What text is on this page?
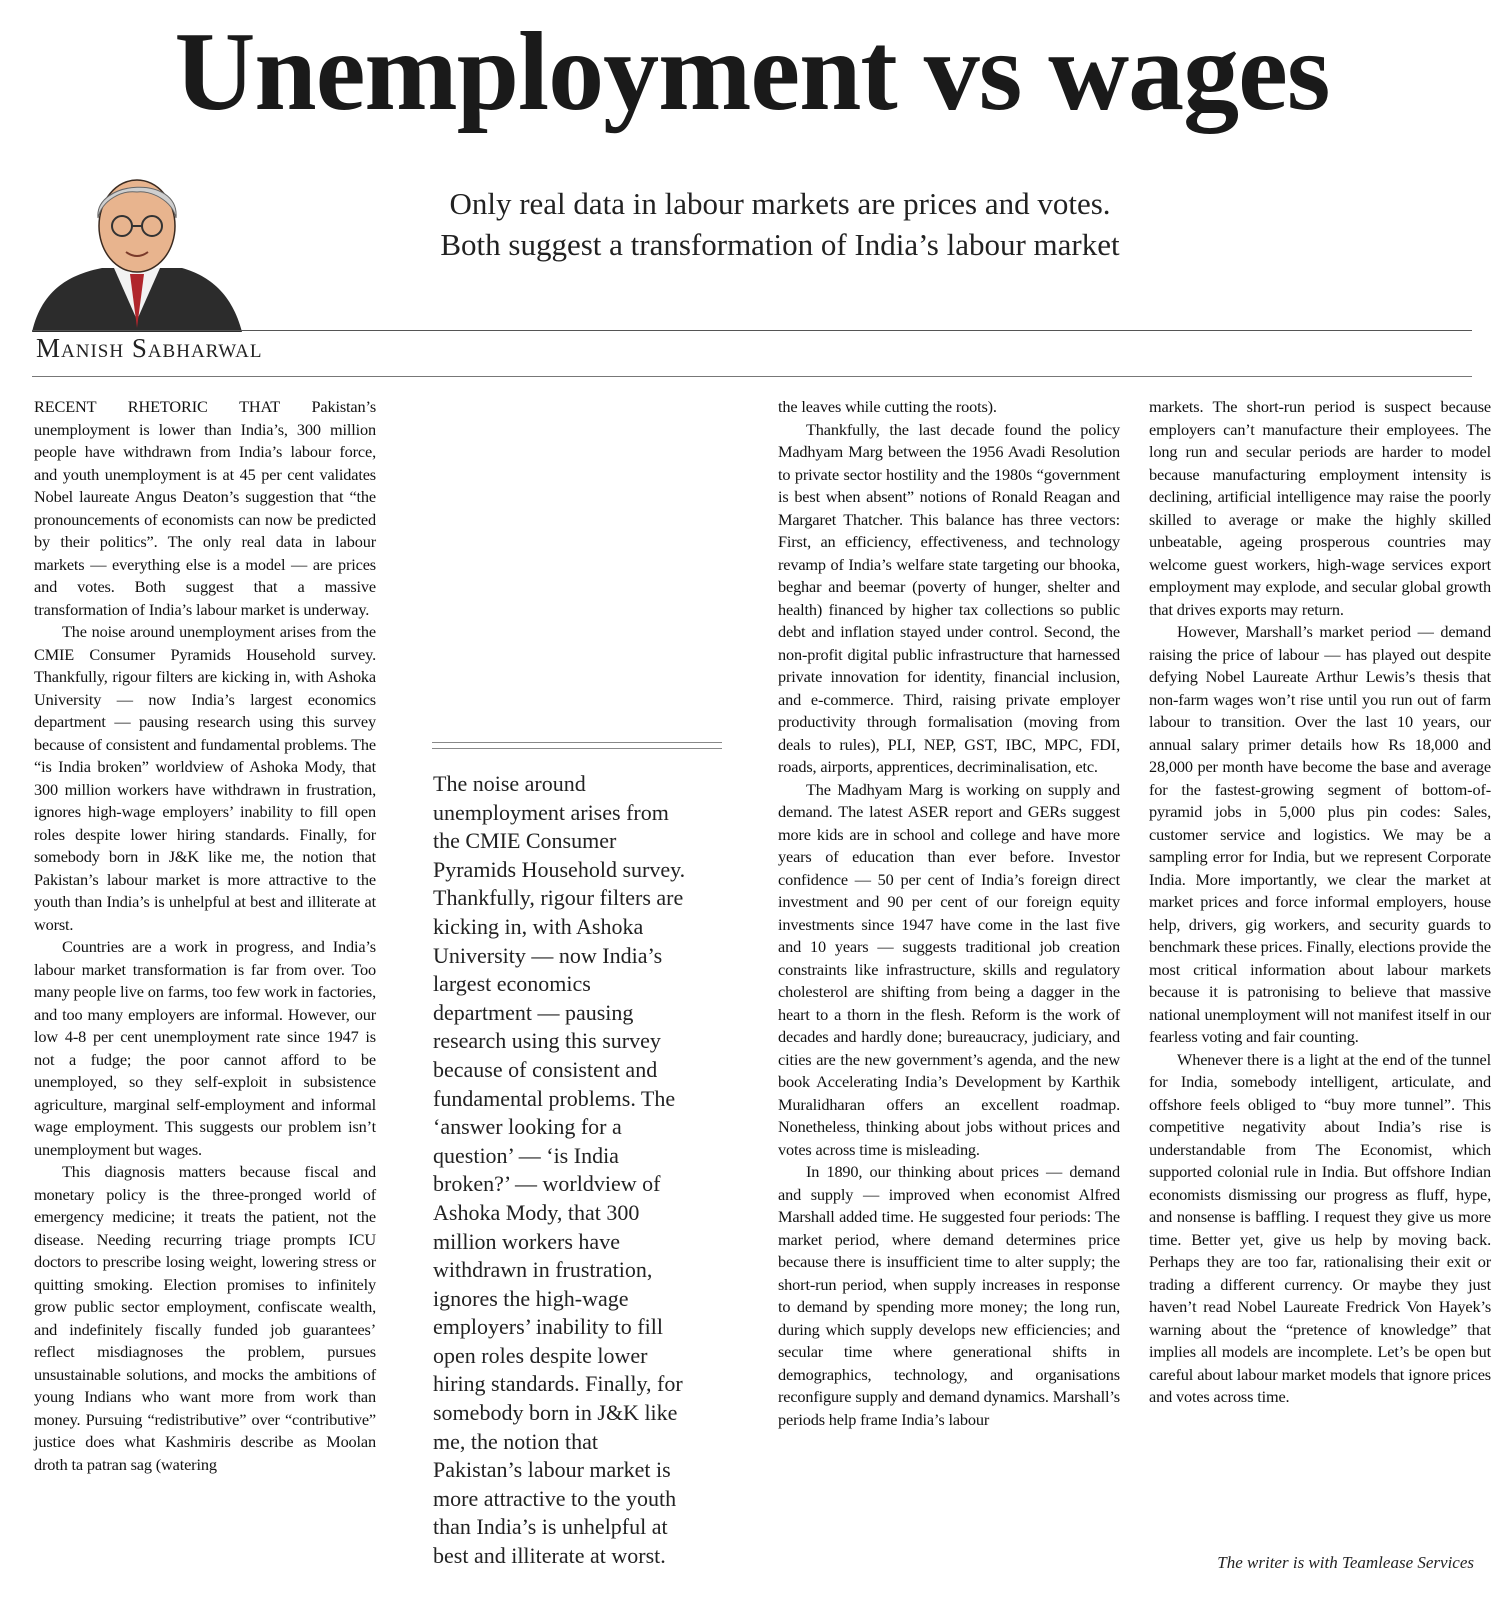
Unemployment vs wages
Only real data in labour markets are prices and votes.
Both suggest a transformation of India’s labour market
Manish Sabharwal

RECENT RHETORIC THAT Pakistan’s unemployment is lower than India’s, 300 million people have withdrawn from India’s labour force, and youth unemployment is at 45 per cent validates Nobel laureate Angus Deaton’s suggestion that “the pronouncements of economists can now be predicted by their politics”. The only real data in labour markets — everything else is a model — are prices and votes. Both suggest that a massive transformation of India’s labour market is underway.

The noise around unemployment arises from the CMIE Consumer Pyramids Household survey. Thankfully, rigour filters are kicking in, with Ashoka University — now India’s largest economics department — pausing research using this survey because of consistent and fundamental problems. The “is India broken” worldview of Ashoka Mody, that 300 million workers have withdrawn in frustration, ignores high-wage employers’ inability to fill open roles despite lower hiring standards. Finally, for somebody born in J&K like me, the notion that Pakistan’s labour market is more attractive to the youth than India’s is unhelpful at best and illiterate at worst.

Countries are a work in progress, and India’s labour market transformation is far from over. Too many people live on farms, too few work in factories, and too many employers are informal. However, our low 4-8 per cent unemployment rate since 1947 is not a fudge; the poor cannot afford to be unemployed, so they self-exploit in subsistence agriculture, marginal self-employment and informal wage employment. This suggests our problem isn’t unemployment but wages.

This diagnosis matters because fiscal and monetary policy is the three-pronged world of emergency medicine; it treats the patient, not the disease. Needing recurring triage prompts ICU doctors to prescribe losing weight, lowering stress or quitting smoking. Election promises to infinitely grow public sector employment, confiscate wealth, and indefinitely fiscally funded job guarantees’ reflect misdiagnoses the problem, pursues unsustainable solutions, and mocks the ambitions of young Indians who want more from work than money. Pursuing “redistributive” over “contributive” justice does what Kashmiris describe as Moolan droth ta patran sag (watering

The noise around
unemployment arises from
the CMIE Consumer
Pyramids Household survey.
Thankfully, rigour filters are
kicking in, with Ashoka
University — now India’s
largest economics
department — pausing
research using this survey
because of consistent and
fundamental problems. The
‘answer looking for a
question’ — ‘is India
broken?’ — worldview of
Ashoka Mody, that 300
million workers have
withdrawn in frustration,
ignores the high-wage
employers’ inability to fill
open roles despite lower
hiring standards. Finally, for
somebody born in J&K like
me, the notion that
Pakistan’s labour market is
more attractive to the youth
than India’s is unhelpful at
best and illiterate at worst.

the leaves while cutting the roots).

Thankfully, the last decade found the policy Madhyam Marg between the 1956 Avadi Resolution to private sector hostility and the 1980s “government is best when absent” notions of Ronald Reagan and Margaret Thatcher. This balance has three vectors: First, an efficiency, effectiveness, and technology revamp of India’s welfare state targeting our bhooka, beghar and beemar (poverty of hunger, shelter and health) financed by higher tax collections so public debt and inflation stayed under control. Second, the non-profit digital public infrastructure that harnessed private innovation for identity, financial inclusion, and e-commerce. Third, raising private employer productivity through formalisation (moving from deals to rules), PLI, NEP, GST, IBC, MPC, FDI, roads, airports, apprentices, decriminalisation, etc.

The Madhyam Marg is working on supply and demand. The latest ASER report and GERs suggest more kids are in school and college and have more years of education than ever before. Investor confidence — 50 per cent of India’s foreign direct investment and 90 per cent of our foreign equity investments since 1947 have come in the last five and 10 years — suggests traditional job creation constraints like infrastructure, skills and regulatory cholesterol are shifting from being a dagger in the heart to a thorn in the flesh. Reform is the work of decades and hardly done; bureaucracy, judiciary, and cities are the new government’s agenda, and the new book Accelerating India’s Development by Karthik Muralidharan offers an excellent roadmap. Nonetheless, thinking about jobs without prices and votes across time is misleading.

In 1890, our thinking about prices — demand and supply — improved when economist Alfred Marshall added time. He suggested four periods: The market period, where demand determines price because there is insufficient time to alter supply; the short-run period, when supply increases in response to demand by spending more money; the long run, during which supply develops new efficiencies; and secular time where generational shifts in demographics, technology, and organisations reconfigure supply and demand dynamics. Marshall’s periods help frame India’s labour

markets. The short-run period is suspect because employers can’t manufacture their employees. The long run and secular periods are harder to model because manufacturing employment intensity is declining, artificial intelligence may raise the poorly skilled to average or make the highly skilled unbeatable, ageing prosperous countries may welcome guest workers, high-wage services export employment may explode, and secular global growth that drives exports may return.

However, Marshall’s market period — demand raising the price of labour — has played out despite defying Nobel Laureate Arthur Lewis’s thesis that non-farm wages won’t rise until you run out of farm labour to transition. Over the last 10 years, our annual salary primer details how Rs 18,000 and 28,000 per month have become the base and average for the fastest-growing segment of bottom-of-pyramid jobs in 5,000 plus pin codes: Sales, customer service and logistics. We may be a sampling error for India, but we represent Corporate India. More importantly, we clear the market at market prices and force informal employers, house help, drivers, gig workers, and security guards to benchmark these prices. Finally, elections provide the most critical information about labour markets because it is patronising to believe that massive national unemployment will not manifest itself in our fearless voting and fair counting.

Whenever there is a light at the end of the tunnel for India, somebody intelligent, articulate, and offshore feels obliged to “buy more tunnel”. This competitive negativity about India’s rise is understandable from The Economist, which supported colonial rule in India. But offshore Indian economists dismissing our progress as fluff, hype, and nonsense is baffling. I request they give us more time. Better yet, give us help by moving back. Perhaps they are too far, rationalising their exit or trading a different currency. Or maybe they just haven’t read Nobel Laureate Fredrick Von Hayek’s warning about the “pretence of knowledge” that implies all models are incomplete. Let’s be open but careful about labour market models that ignore prices and votes across time.

The writer is with Teamlease Services
